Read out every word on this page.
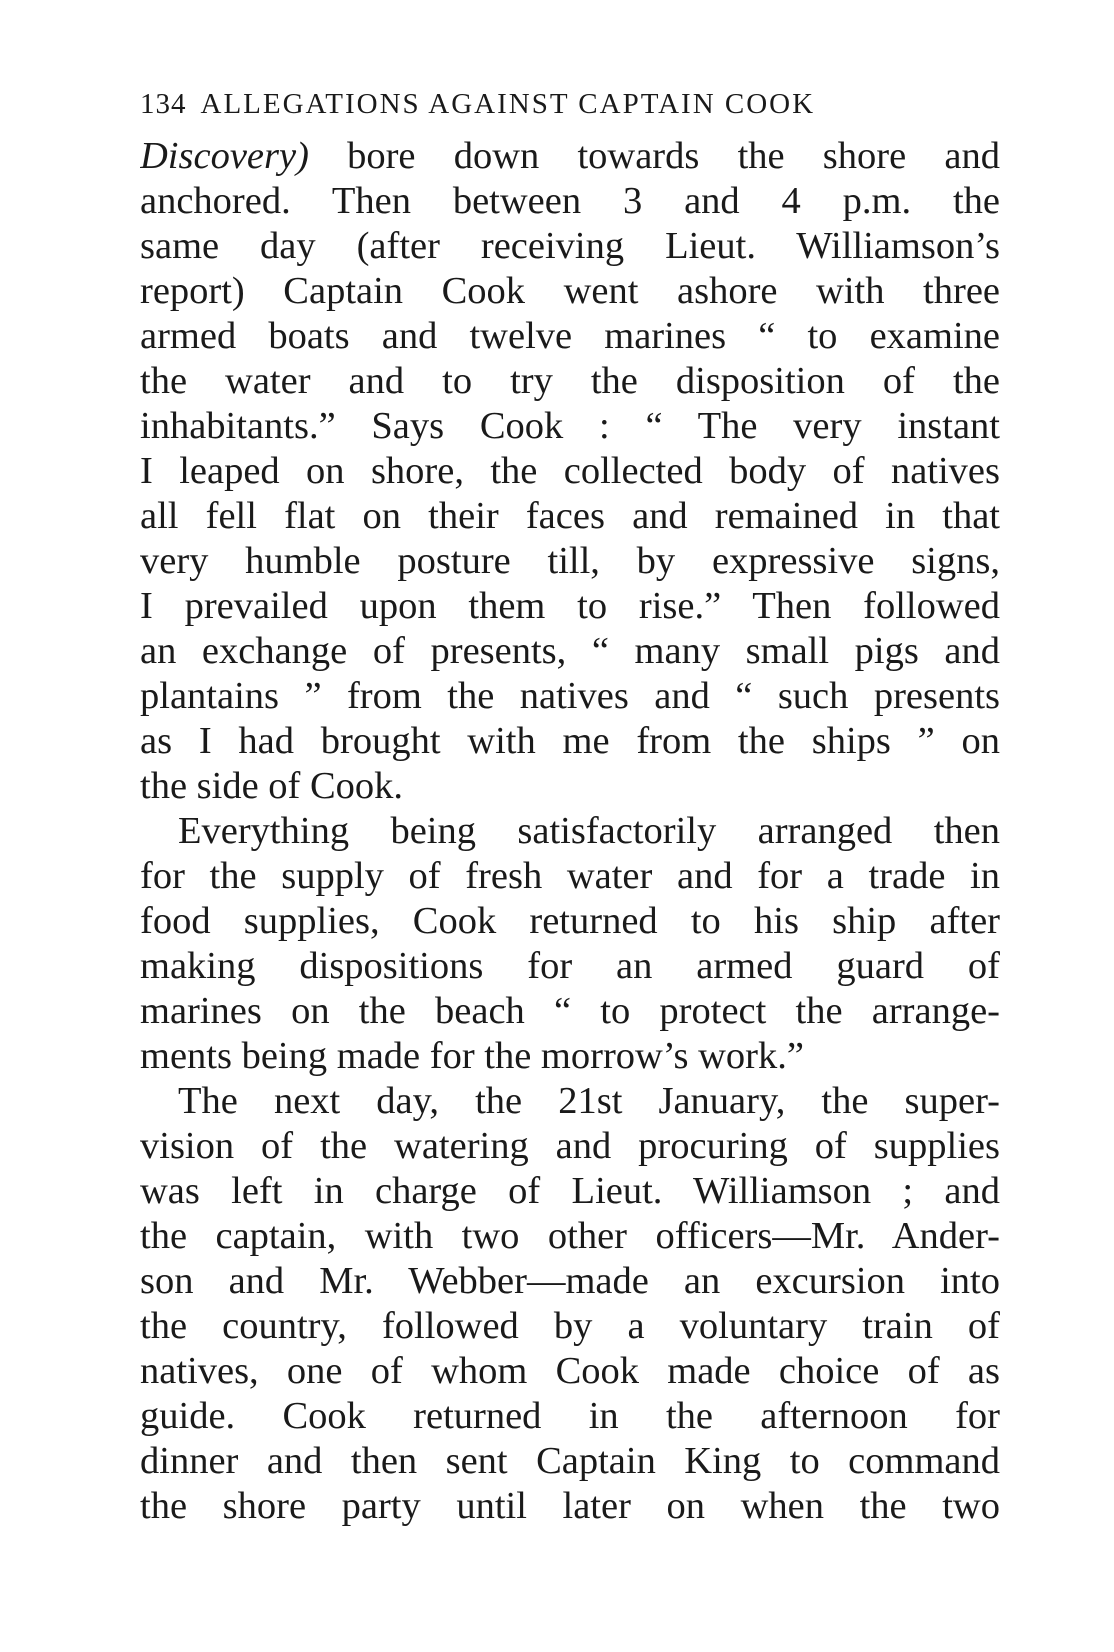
134 ALLEGATIONS AGAINST CAPTAIN COOK
Discovery) bore down towards the shore and
anchored. Then between 3 and 4 p.m. the
same day (after receiving Lieut. Williamson’s
report) Captain Cook went ashore with three
armed boats and twelve marines “ to examine
the water and to try the disposition of the
inhabitants.” Says Cook : “ The very instant
I leaped on shore, the collected body of natives
all fell flat on their faces and remained in that
very humble posture till, by expressive signs,
I prevailed upon them to rise.” Then followed
an exchange of presents, “ many small pigs and
plantains ” from the natives and “ such presents
as I had brought with me from the ships ” on
the side of Cook.
Everything being satisfactorily arranged then
for the supply of fresh water and for a trade in
food supplies, Cook returned to his ship after
making dispositions for an armed guard of
marines on the beach “ to protect the arrange-
ments being made for the morrow’s work.”
The next day, the 21st January, the super-
vision of the watering and procuring of supplies
was left in charge of Lieut. Williamson ; and
the captain, with two other officers—Mr. Ander-
son and Mr. Webber—made an excursion into
the country, followed by a voluntary train of
natives, one of whom Cook made choice of as
guide. Cook returned in the afternoon for
dinner and then sent Captain King to command
the shore party until later on when the two
